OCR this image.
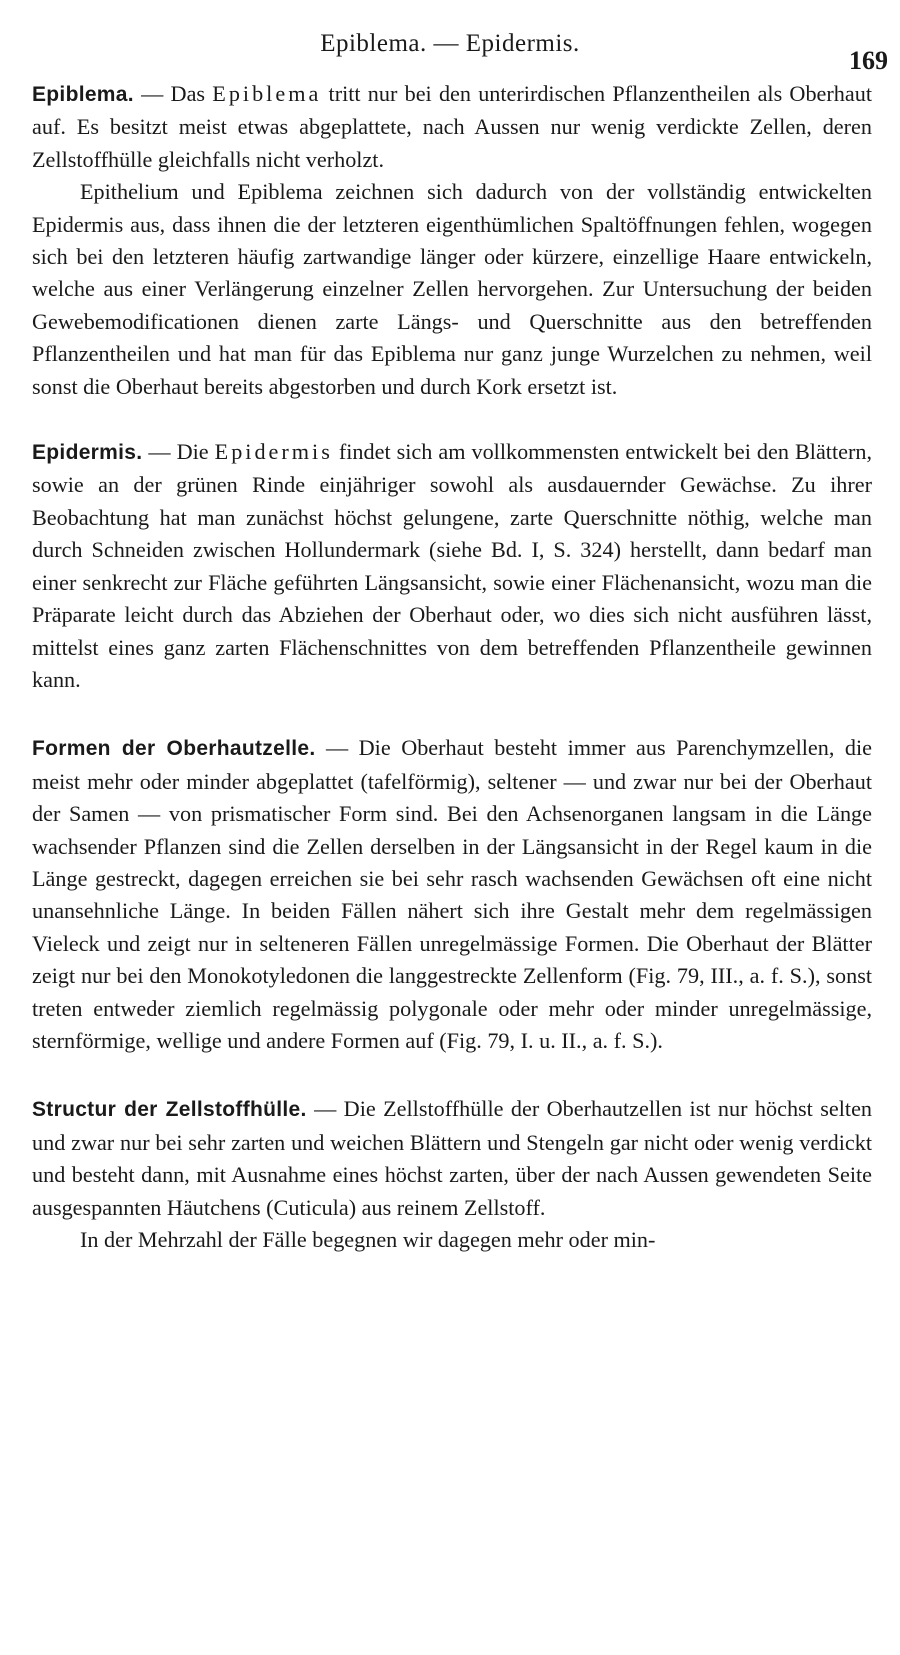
Epiblema. — Epidermis.
169

Epiblema. — Das Epiblema tritt nur bei den unterirdischen Pflanzentheilen als Oberhaut auf. Es besitzt meist etwas abgeplattete, nach Aussen nur wenig verdickte Zellen, deren Zellstoffhülle gleichfalls nicht verholzt.

Epithelium und Epiblema zeichnen sich dadurch von der vollständig entwickelten Epidermis aus, dass ihnen die der letzteren eigenthümlichen Spaltöffnungen fehlen, wogegen sich bei den letzteren häufig zartwandige länger oder kürzere, einzellige Haare entwickeln, welche aus einer Verlängerung einzelner Zellen hervorgehen. Zur Untersuchung der beiden Gewebemodificationen dienen zarte Längs- und Querschnitte aus den betreffenden Pflanzentheilen und hat man für das Epiblema nur ganz junge Wurzelchen zu nehmen, weil sonst die Oberhaut bereits abgestorben und durch Kork ersetzt ist.

Epidermis. — Die Epidermis findet sich am vollkommensten entwickelt bei den Blättern, sowie an der grünen Rinde einjähriger sowohl als ausdauernder Gewächse. Zu ihrer Beobachtung hat man zunächst höchst gelungene, zarte Querschnitte nöthig, welche man durch Schneiden zwischen Hollundermark (siehe Bd. I, S. 324) herstellt, dann bedarf man einer senkrecht zur Fläche geführten Längsansicht, sowie einer Flächenansicht, wozu man die Präparate leicht durch das Abziehen der Oberhaut oder, wo dies sich nicht ausführen lässt, mittelst eines ganz zarten Flächenschnittes von dem betreffenden Pflanzentheile gewinnen kann.

Formen der Oberhautzelle. — Die Oberhaut besteht immer aus Parenchymzellen, die meist mehr oder minder abgeplattet (tafelförmig), seltener — und zwar nur bei der Oberhaut der Samen — von prismatischer Form sind. Bei den Achsenorganen langsam in die Länge wachsender Pflanzen sind die Zellen derselben in der Längsansicht in der Regel kaum in die Länge gestreckt, dagegen erreichen sie bei sehr rasch wachsenden Gewächsen oft eine nicht unansehnliche Länge. In beiden Fällen nähert sich ihre Gestalt mehr dem regelmässigen Vieleck und zeigt nur in selteneren Fällen unregelmässige Formen. Die Oberhaut der Blätter zeigt nur bei den Monokotyledonen die langgestreckte Zellenform (Fig. 79, III., a. f. S.), sonst treten entweder ziemlich regelmässig polygonale oder mehr oder minder unregelmässige, sternförmige, wellige und andere Formen auf (Fig. 79, I. u. II., a. f. S.).

Structur der Zellstoffhülle. — Die Zellstoffhülle der Oberhautzellen ist nur höchst selten und zwar nur bei sehr zarten und weichen Blättern und Stengeln gar nicht oder wenig verdickt und besteht dann, mit Ausnahme eines höchst zarten, über der nach Aussen gewendeten Seite ausgespannten Häutchens (Cuticula) aus reinem Zellstoff.

In der Mehrzahl der Fälle begegnen wir dagegen mehr oder min-
